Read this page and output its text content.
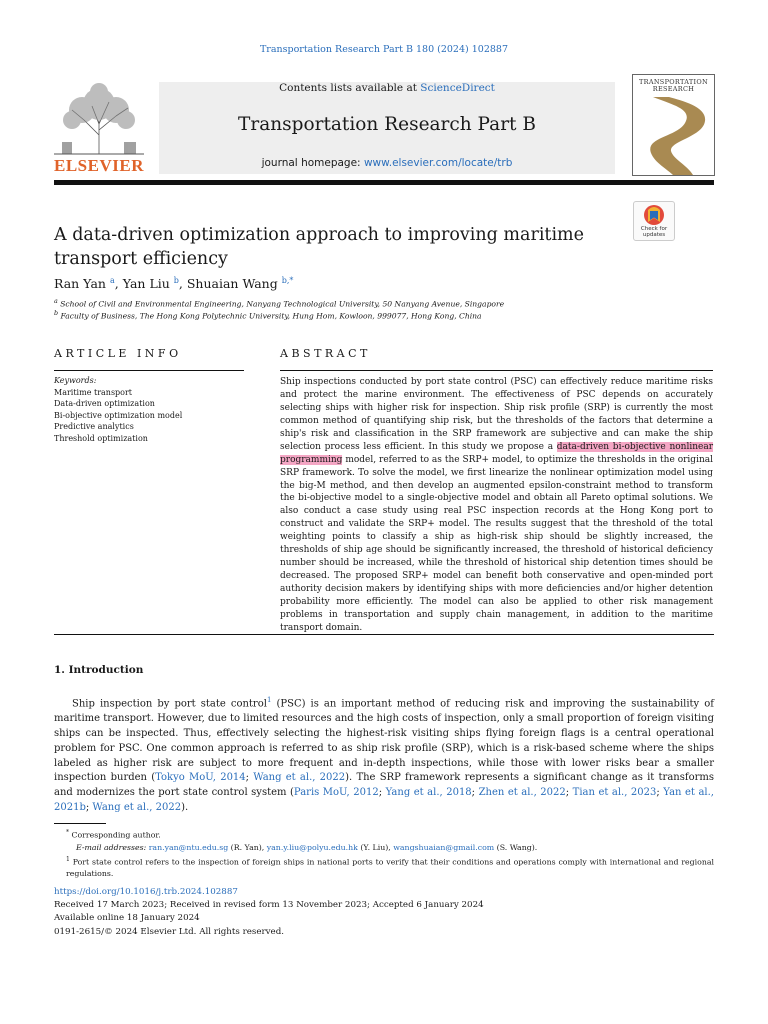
Transportation Research Part B 180 (2024) 102887
ELSEVIER
Contents lists available at ScienceDirect
Transportation Research Part B
journal homepage: www.elsevier.com/locate/trb
TRANSPORTATION
RESEARCH
Check for updates
A data-driven optimization approach to improving maritime transport efficiency
Ran Yan $^a$, Yan Liu $^b$, Shuaian Wang $^{b,*}$
$^a$ School of Civil and Environmental Engineering, Nanyang Technological University, 50 Nanyang Avenue, Singapore
$^b$ Faculty of Business, The Hong Kong Polytechnic University, Hung Hom, Kowloon, 999077, Hong Kong, China
ARTICLE INFO	ABSTRACT
Keywords:
Maritime transport
Data-driven optimization
Bi-objective optimization model
Predictive analytics
Threshold optimization
Ship inspections conducted by port state control (PSC) can effectively reduce maritime risks and protect the marine environment. The effectiveness of PSC depends on accurately selecting ships with higher risk for inspection. Ship risk profile (SRP) is currently the most common method of quantifying ship risk, but the thresholds of the factors that determine a ship's risk and classification in the SRP framework are subjective and can make the ship selection process less efficient. In this study we propose a data-driven bi-objective nonlinear programming model, referred to as the SRP+ model, to optimize the thresholds in the original SRP framework. To solve the model, we first linearize the nonlinear optimization model using the big-M method, and then develop an augmented epsilon-constraint method to transform the bi-objective model to a single-objective model and obtain all Pareto optimal solutions. We also conduct a case study using real PSC inspection records at the Hong Kong port to construct and validate the SRP+ model. The results suggest that the threshold of the total weighting points to classify a ship as high-risk ship should be slightly increased, the thresholds of ship age should be significantly increased, the threshold of historical deficiency number should be increased, while the threshold of historical ship detention times should be decreased. The proposed SRP+ model can benefit both conservative and open-minded port authority decision makers by identifying ships with more deficiencies and/or higher detention probability more efficiently. The model can also be applied to other risk management problems in transportation and supply chain management, in addition to the maritime transport domain.
1. Introduction
Ship inspection by port state control$^1$ (PSC) is an important method of reducing risk and improving the sustainability of maritime transport. However, due to limited resources and the high costs of inspection, only a small proportion of foreign visiting ships can be inspected. Thus, effectively selecting the highest-risk visiting ships flying foreign flags is a central operational problem for PSC. One common approach is referred to as ship risk profile (SRP), which is a risk-based scheme where the ships labeled as higher risk are subject to more frequent and in-depth inspections, while those with lower risks bear a smaller inspection burden (Tokyo MoU, 2014; Wang et al., 2022). The SRP framework represents a significant change as it transforms and modernizes the port state control system (Paris MoU, 2012; Yang et al., 2018; Zhen et al., 2022; Tian et al., 2023; Yan et al., 2021b; Wang et al., 2022).
* Corresponding author.
E-mail addresses: ran.yan@ntu.edu.sg (R. Yan), yan.y.liu@polyu.edu.hk (Y. Liu), wangshuaian@gmail.com (S. Wang).
$^1$ Port state control refers to the inspection of foreign ships in national ports to verify that their conditions and operations comply with international and regional regulations.
https://doi.org/10.1016/j.trb.2024.102887
Received 17 March 2023; Received in revised form 13 November 2023; Accepted 6 January 2024
Available online 18 January 2024
0191-2615/© 2024 Elsevier Ltd. All rights reserved.
